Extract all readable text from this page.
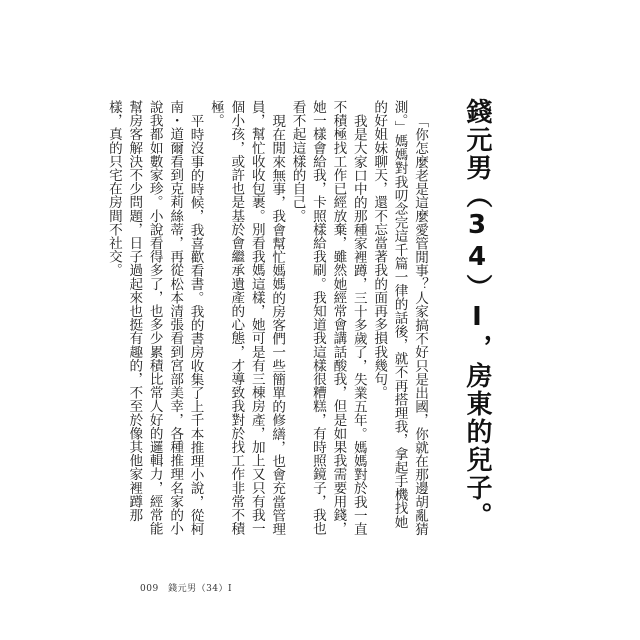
錢元男（34）Ⅰ，房東的兒子。

「你怎麼老是這麼愛管閒事？人家搞不好只是出國，你就在那邊胡亂猜測。」媽媽對我叨念完這千篇一律的話後，就不再搭理我，拿起手機找她的好姐妹聊天，還不忘當著我的面再多損我幾句。

我是大家口中的那種家裡蹲，三十多歲了，失業五年。媽媽對於我一直不積極找工作已經放棄，雖然她經常會講話酸我，但是如果我需要用錢，她一樣會給我，卡照樣給我刷。我知道我這樣很糟糕，有時照鏡子，我也看不起這樣的自己。

現在閒來無事，我會幫忙媽媽的房客們一些簡單的修繕，也會充當管理員，幫忙收收包裹。別看我媽這樣，她可是有三棟房產，加上又只有我一個小孩，或許也是基於會繼承遺產的心態，才導致我對於找工作非常不積極。

平時沒事的時候，我喜歡看書。我的書房收集了上千本推理小說，從柯南・道爾看到克莉絲蒂，再從松本清張看到宮部美幸，各種推理名家的小說我都如數家珍。小說看得多了，也多少累積比常人好的邏輯力，經常能幫房客解決不少問題，日子過起來也挺有趣的，不至於像其他家裡蹲那樣，真的只宅在房間不社交。

009 錢元男（34）Ⅰ
